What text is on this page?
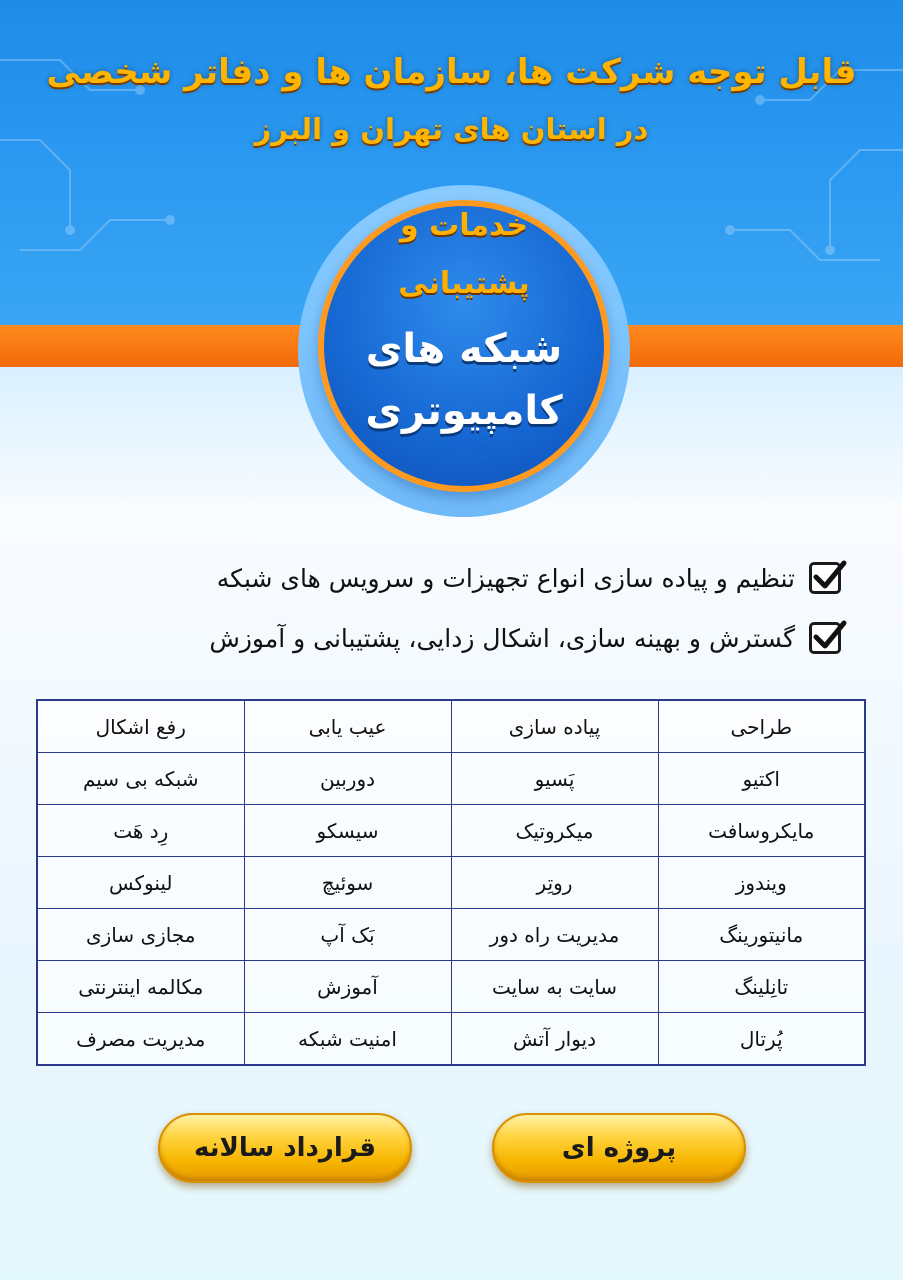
قابل توجه شرکت ها، سازمان ها و دفاتر شخصی
در استان های تهران و البرز
خدمات و
پشتیبانی
شبکه های
کامپیوتری
تنظیم و پیاده سازی انواع تجهیزات و سرویس های شبکه
گسترش و بهینه سازی، اشکال زدایی، پشتیبانی و آموزش
طراحی	پیاده سازی	عیب یابی	رفع اشکال
اکتیو	پَسیو	دوربین	شبکه بی سیم
مایکروسافت	میکروتیک	سیسکو	رِد هَت
ویندوز	روتِر	سوئیچ	لینوکس
مانیتورینگ	مدیریت راه دور	بَک آپ	مجازی سازی
تانِلینگ	سایت به سایت	آموزش	مکالمه اینترنتی
پُرتال	دیوار آتش	امنیت شبکه	مدیریت مصرف
قرارداد سالانه	پروژه ای
